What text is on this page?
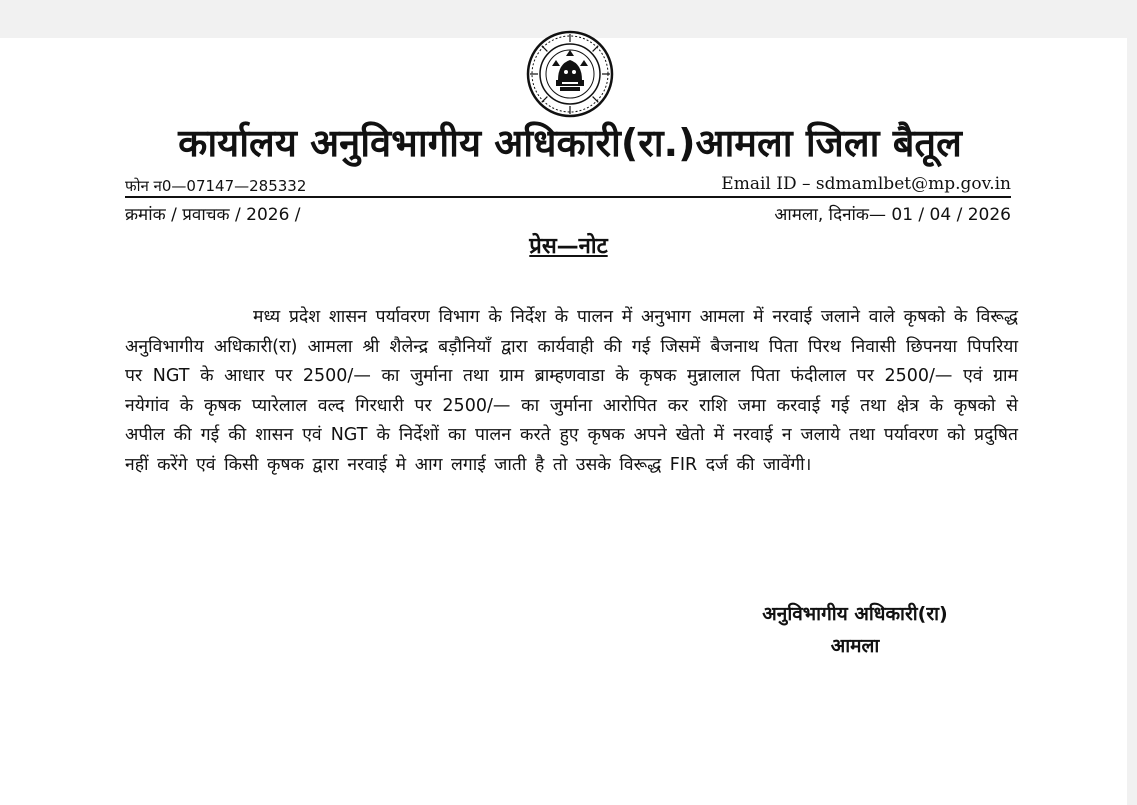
कार्यालय अनुविभागीय अधिकारी(रा.)आमला जिला बैतूल
फोन न0—07147—285332	Email ID – sdmamlbet@mp.gov.in
क्रमांक / प्रवाचक / 2026 /	आमला, दिनांक— 01 / 04 / 2026
प्रेस—नोट
मध्य प्रदेश शासन पर्यावरण विभाग के निर्देश के पालन में अनुभाग आमला में नरवाई जलाने वाले कृषको के विरूद्ध अनुविभागीय अधिकारी(रा) आमला श्री शैलेन्द्र बड़ौनियाँ द्वारा कार्यवाही की गई जिसमें बैजनाथ पिता पिरथ निवासी छिपनया पिपरिया पर NGT के आधार पर 2500/— का जुर्माना तथा ग्राम ब्राम्हणवाडा के कृषक मुन्नालाल पिता फंदीलाल पर 2500/— एवं ग्राम नयेगांव के कृषक प्यारेलाल वल्द गिरधारी पर 2500/— का जुर्माना आरोपित कर राशि जमा करवाई गई तथा क्षेत्र के कृषको से अपील की गई की शासन एवं NGT के निर्देशों का पालन करते हुए कृषक अपने खेतो में नरवाई न जलाये तथा पर्यावरण को प्रदुषित नहीं करेंगे एवं किसी कृषक द्वारा नरवाई मे आग लगाई जाती है तो उसके विरूद्ध FIR दर्ज की जावेंगी।
अनुविभागीय अधिकारी(रा)
आमला
